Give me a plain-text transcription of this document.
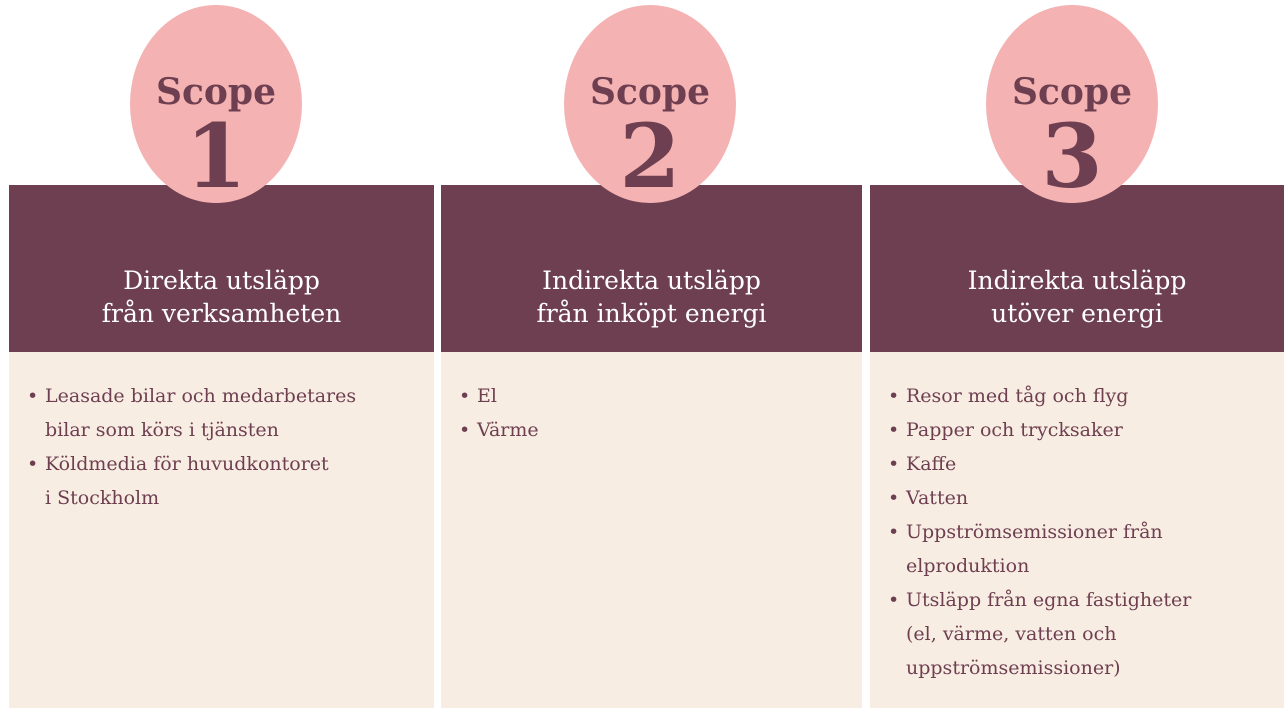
Scope
1
Direkta utsläpp
från verksamheten
• Leasade bilar och medarbetares
bilar som körs i tjänsten
• Köldmedia för huvudkontoret
i Stockholm
Scope
2
Indirekta utsläpp
från inköpt energi
• El
• Värme
Scope
3
Indirekta utsläpp
utöver energi
• Resor med tåg och flyg
• Papper och trycksaker
• Kaffe
• Vatten
• Uppströmsemissioner från
elproduktion
• Utsläpp från egna fastigheter
(el, värme, vatten och
uppströmsemissioner)
